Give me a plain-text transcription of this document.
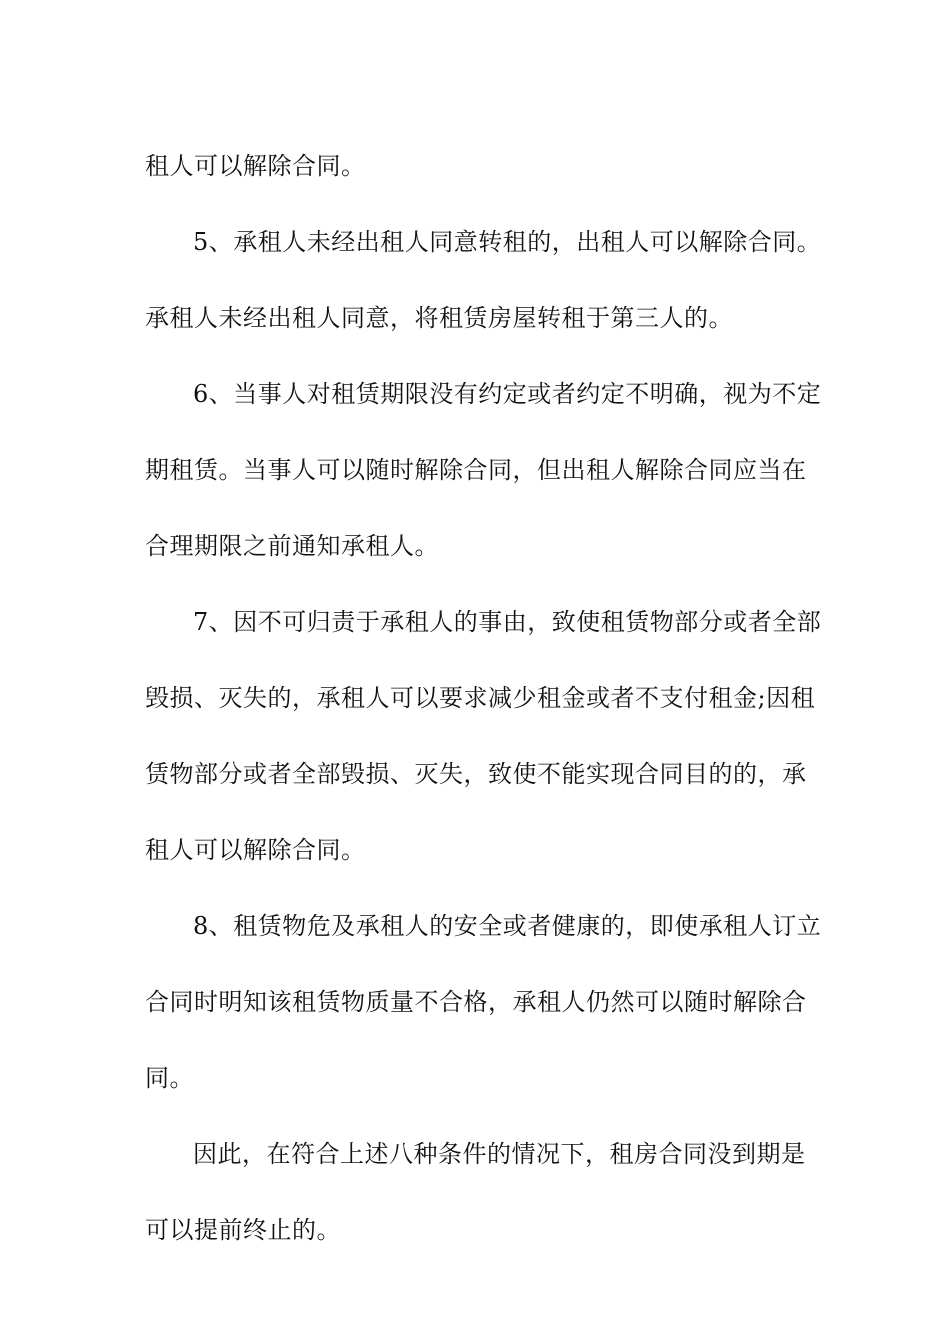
租人可以解除合同。

5、承租人未经出租人同意转租的，出租人可以解除合同。
承租人未经出租人同意，将租赁房屋转租于第三人的。

6、当事人对租赁期限没有约定或者约定不明确，视为不定
期租赁。当事人可以随时解除合同，但出租人解除合同应当在
合理期限之前通知承租人。

7、因不可归责于承租人的事由，致使租赁物部分或者全部
毁损、灭失的，承租人可以要求减少租金或者不支付租金;因租
赁物部分或者全部毁损、灭失，致使不能实现合同目的的，承
租人可以解除合同。

8、租赁物危及承租人的安全或者健康的，即使承租人订立
合同时明知该租赁物质量不合格，承租人仍然可以随时解除合
同。

因此，在符合上述八种条件的情况下，租房合同没到期是
可以提前终止的。
